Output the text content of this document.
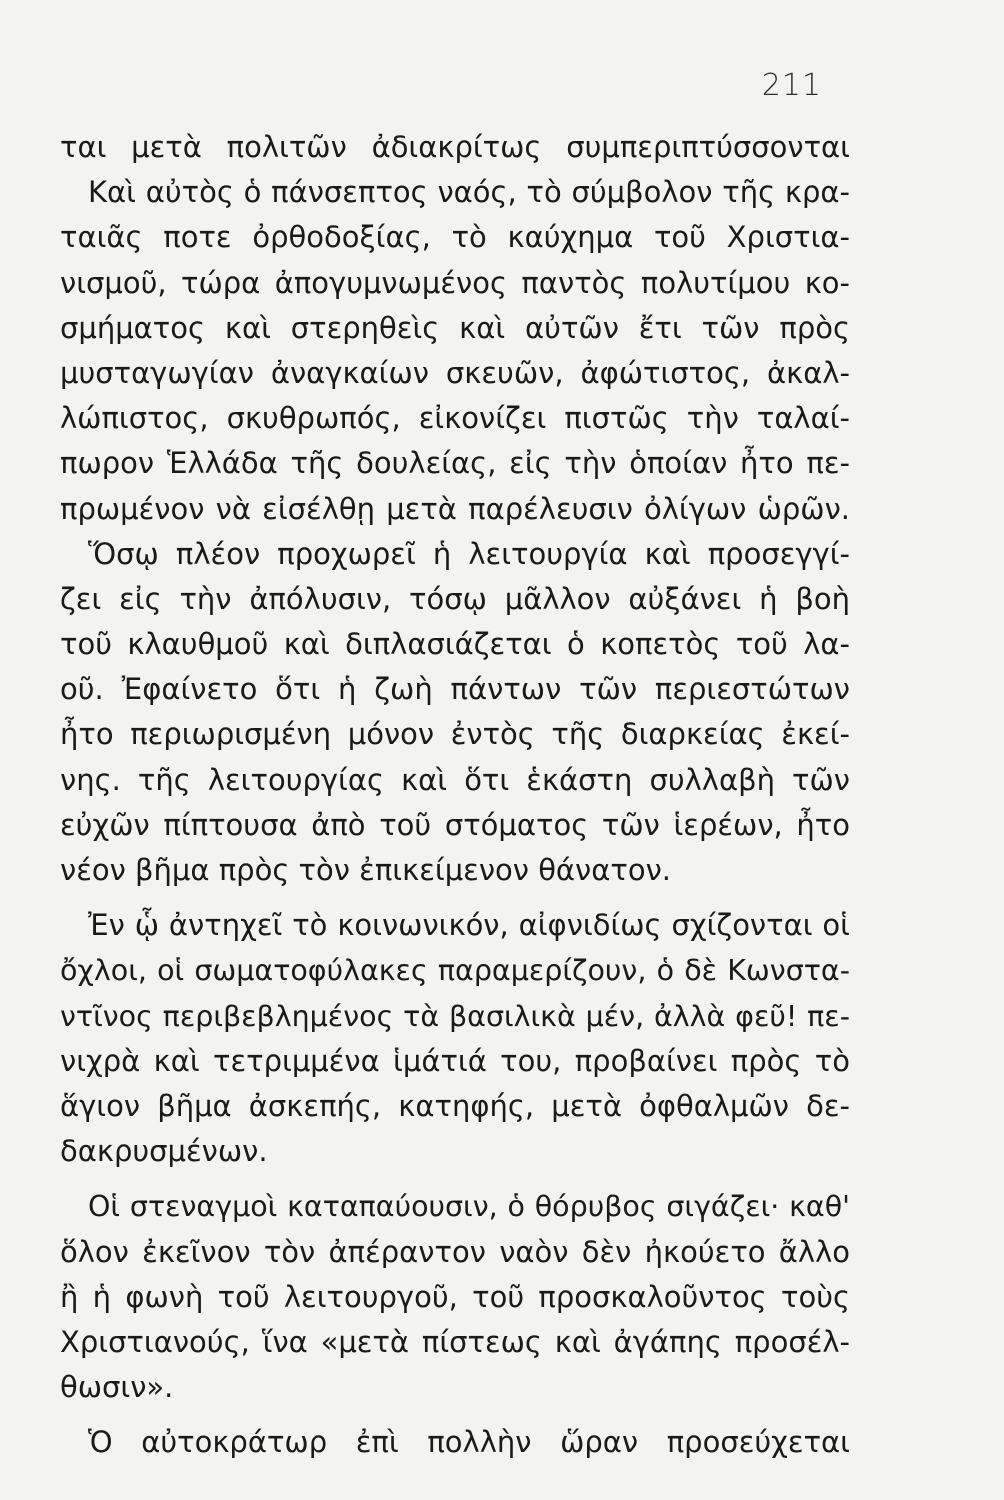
211
ται μετὰ πολιτῶν ἀδιακρίτως συμπεριπτύσσονται
Καὶ αὐτὸς ὁ πάνσεπτος ναός, τὸ σύμβολον τῆς κρα-
ταιᾶς ποτε ὀρθοδοξίας, τὸ καύχημα τοῦ Χριστια-
νισμοῦ, τώρα ἀπογυμνωμένος παντὸς πολυτίμου κο-
σμήματος καὶ στερηθεὶς καὶ αὐτῶν ἔτι τῶν πρὸς
μυσταγωγίαν ἀναγκαίων σκευῶν, ἀφώτιστος, ἀκαλ-
λώπιστος, σκυθρωπός, εἰκονίζει πιστῶς τὴν ταλαί-
πωρον Ἑλλάδα τῆς δουλείας, εἰς τὴν ὁποίαν ἦτο πε-
πρωμένον νὰ εἰσέλθῃ μετὰ παρέλευσιν ὀλίγων ὡρῶν.
Ὅσῳ πλέον προχωρεῖ ἡ λειτουργία καὶ προσεγγί-
ζει εἰς τὴν ἀπόλυσιν, τόσῳ μᾶλλον αὐξάνει ἡ βοὴ
τοῦ κλαυθμοῦ καὶ διπλασιάζεται ὁ κοπετὸς τοῦ λα-
οῦ. Ἐφαίνετο ὅτι ἡ ζωὴ πάντων τῶν περιεστώτων
ἦτο περιωρισμένη μόνον ἐντὸς τῆς διαρκείας ἐκεί-
νης. τῆς λειτουργίας καὶ ὅτι ἑκάστη συλλαβὴ τῶν
εὐχῶν πίπτουσα ἀπὸ τοῦ στόματος τῶν ἱερέων, ἦτο
νέον βῆμα πρὸς τὸν ἐπικείμενον θάνατον.
Ἐν ᾧ ἀντηχεῖ τὸ κοινωνικόν, αἰφνιδίως σχίζονται οἱ
ὄχλοι, οἱ σωματοφύλακες παραμερίζουν, ὁ δὲ Κωνστα-
ντῖνος περιβεβλημένος τὰ βασιλικὰ μέν, ἀλλὰ φεῦ! πε-
νιχρὰ καὶ τετριμμένα ἱμάτιά του, προβαίνει πρὸς τὸ
ἅγιον βῆμα ἀσκεπής, κατηφής, μετὰ ὀφθαλμῶν δε-
δακρυσμένων.
Οἱ στεναγμοὶ καταπαύουσιν, ὁ θόρυβος σιγάζει· καθ'
ὅλον ἐκεῖνον τὸν ἀπέραντον ναὸν δὲν ἠκούετο ἄλλο
ἢ ἡ φωνὴ τοῦ λειτουργοῦ, τοῦ προσκαλοῦντος τοὺς
Χριστιανούς, ἵνα «μετὰ πίστεως καὶ ἀγάπης προσέλ-
θωσιν».
Ὁ αὐτοκράτωρ ἐπὶ πολλὴν ὥραν προσεύχεται
